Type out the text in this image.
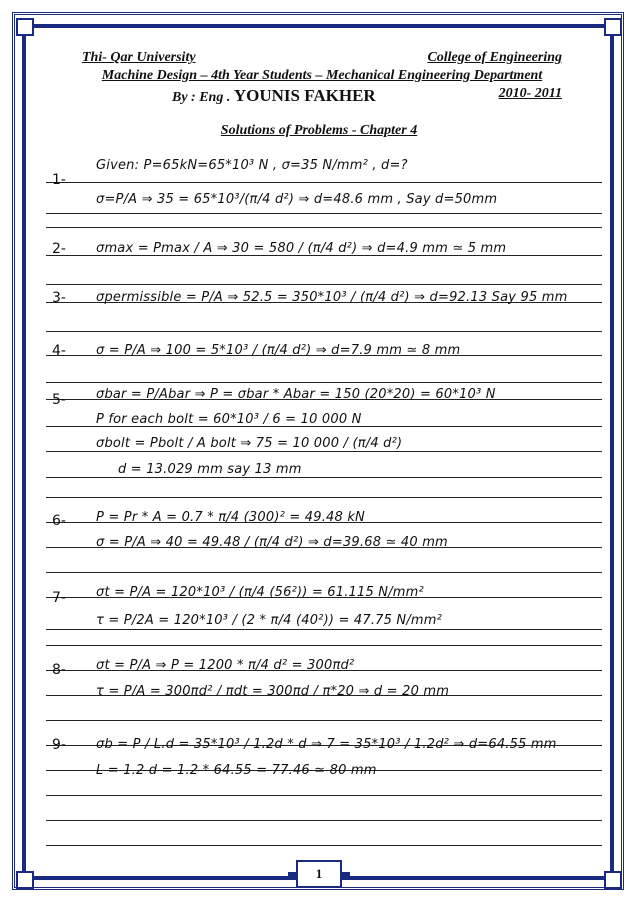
Thi- Qar University	College of Engineering
Machine Design – 4th Year Students – Mechanical Engineering Department
By : Eng . YOUNIS FAKHER	2010- 2011
Solutions of Problems - Chapter 4
1-
Given: P=65kN=65*10³ N , σ=35 N/mm² , d=?
σ=P/A ⇒ 35 = 65*10³/(π/4 d²) ⇒ d=48.6 mm , Say d=50mm
2- σmax = Pmax / A ⇒ 30 = 580 / (π/4 d²) ⇒ d=4.9 mm ≃ 5 mm
3- σpermissible = P/A ⇒ 52.5 = 350*10³ / (π/4 d²) ⇒ d=92.13 Say 95 mm
4- σ = P/A ⇒ 100 = 5*10³ / (π/4 d²) ⇒ d=7.9 mm ≃ 8 mm
5- σbar = P/Abar ⇒ P = σbar * Abar = 150 (20*20) = 60*10³ N
P for each bolt = 60*10³ / 6 = 10 000 N
σbolt = Pbolt / A bolt ⇒ 75 = 10 000 / (π/4 d²)
d = 13.029 mm say 13 mm
6- P = Pr * A = 0.7 * π/4 (300)² = 49.48 kN
σ = P/A ⇒ 40 = 49.48 / (π/4 d²) ⇒ d=39.68 ≃ 40 mm
7- σt = P/A = 120*10³ / (π/4 (56²)) = 61.115 N/mm²
τ = P/2A = 120*10³ / (2 * π/4 (40²)) = 47.75 N/mm²
8- σt = P/A ⇒ P = 1200 * π/4 d² = 300πd²
τ = P/A = 300πd² / πdt = 300πd / π*20 ⇒ d = 20 mm
9- σb = P / L.d = 35*10³ / 1.2d * d ⇒ 7 = 35*10³ / 1.2d² ⇒ d=64.55 mm
L = 1.2 d = 1.2 * 64.55 = 77.46 ≃ 80 mm
1
